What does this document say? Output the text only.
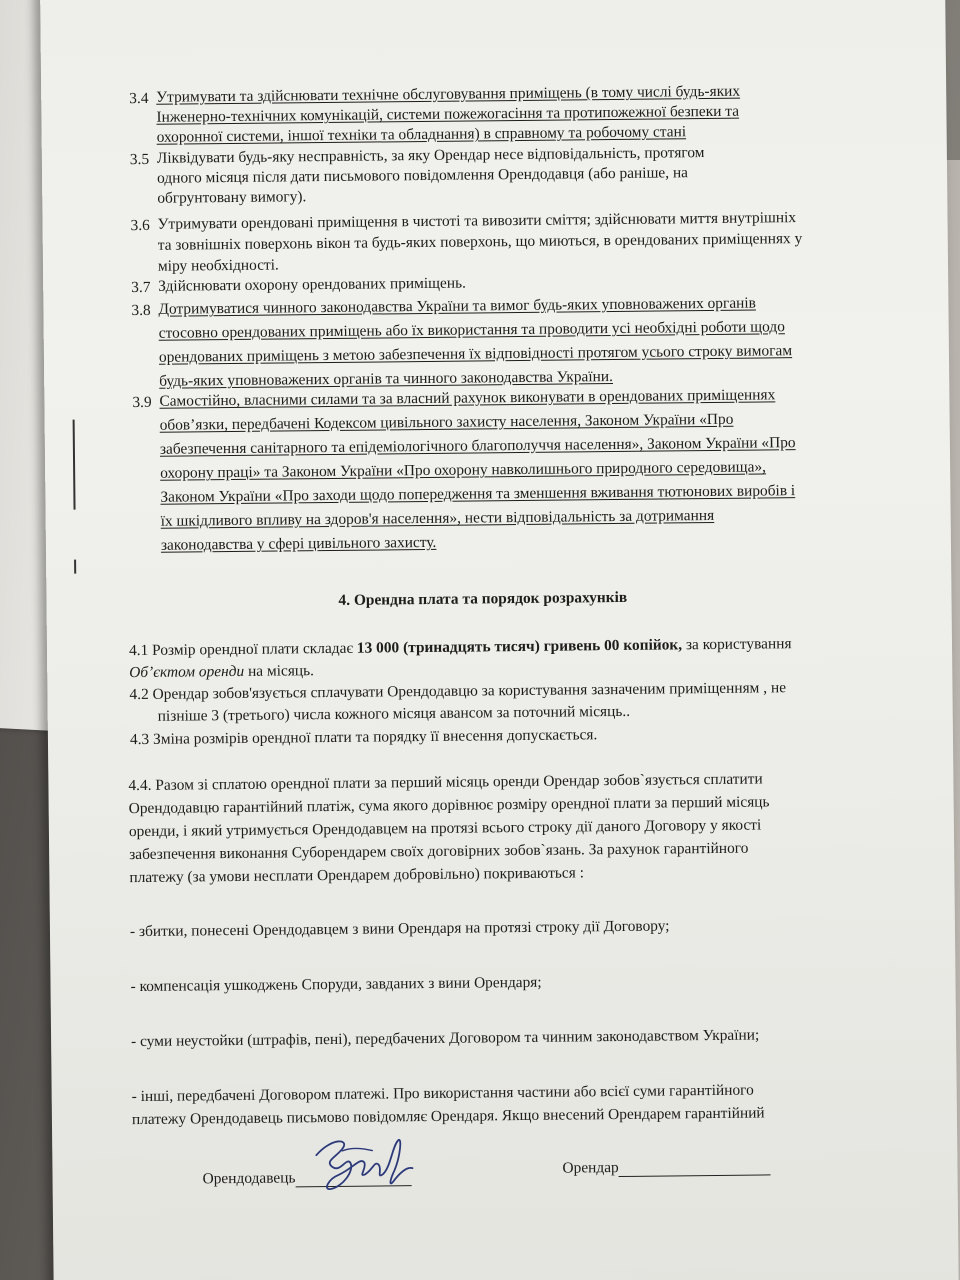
3.4 Утримувати та здійснювати технічне обслуговування приміщень (в тому числі будь-яких
Інженерно-технічних комунікацій, системи пожежогасіння та протипожежної безпеки та
охоронної системи, іншої техніки та обладнання) в справному та робочому стані
3.5 Ліквідувати будь-яку несправність, за яку Орендар несе відповідальність, протягом
одного місяця після дати письмового повідомлення Орендодавця (або раніше, на
обгрунтовану вимогу).
3.6 Утримувати орендовані приміщення в чистоті та вивозити сміття; здійснювати миття внутрішніх
та зовнішніх поверхонь вікон та будь-яких поверхонь, що миються, в орендованих приміщеннях у
міру необхідності.
3.7 Здійснювати охорону орендованих приміщень.
3.8 Дотримуватися чинного законодавства України та вимог будь-яких уповноважених органів
стосовно орендованих приміщень або їх використання та проводити усі необхідні роботи щодо
орендованих приміщень з метою забезпечення їх відповідності протягом усього строку вимогам
будь-яких уповноважених органів та чинного законодавства України.
3.9 Самостійно, власними силами та за власний рахунок виконувати в орендованих приміщеннях
обов’язки, передбачені Кодексом цивільного захисту населення, Законом України «Про
забезпечення санітарного та епідеміологічного благополуччя населення», Законом України «Про
охорону праці» та Законом України «Про охорону навколишнього природного середовища»,
Законом України «Про заходи щодо попередження та зменшення вживання тютюнових виробів і
їх шкідливого впливу на здоров'я населення», нести відповідальність за дотримання
законодавства у сфері цивільного захисту.
4. Орендна плата та порядок розрахунків
4.1 Розмір орендної плати складає 13 000 (тринадцять тисяч) гривень 00 копійок, за користування
Об’єктом оренди на місяць.
4.2 Орендар зобов'язується сплачувати Орендодавцю за користування зазначеним приміщенням , не
пізніше 3 (третього) числа кожного місяця авансом за поточний місяць..
4.3 Зміна розмірів орендної плати та порядку її внесення допускається.
4.4. Разом зі сплатою орендної плати за перший місяць оренди Орендар зобов`язується сплатити
Орендодавцю гарантійний платіж, сума якого дорівнює розміру орендної плати за перший місяць
оренди, і який утримується Орендодавцем на протязі всього строку дії даного Договору у якості
забезпечення виконання Суборендарем своїх договірних зобов`язань. За рахунок гарантійного
платежу (за умови несплати Орендарем добровільно) покриваються :
- збитки, понесені Орендодавцем з вини Орендаря на протязі строку дії Договору;
- компенсація ушкоджень Споруди, завданих з вини Орендаря;
- суми неустойки (штрафів, пені), передбачених Договором та чинним законодавством України;
- інші, передбачені Договором платежі. Про використання частини або всієї суми гарантійного
платежу Орендодавець письмово повідомляє Орендаря. Якщо внесений Орендарем гарантійний
Орендодавець
Орендар
